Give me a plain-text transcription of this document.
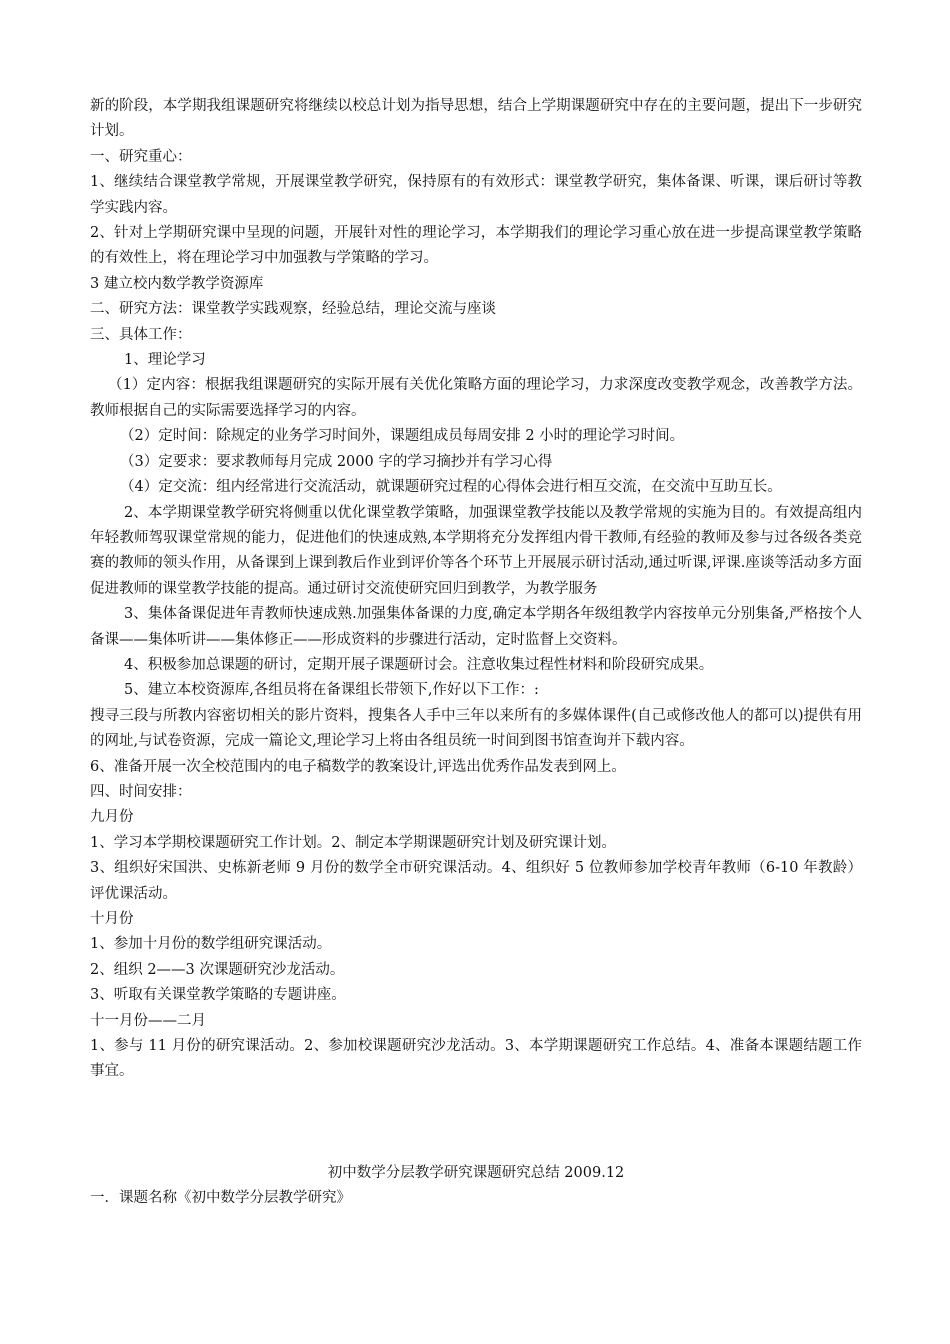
新的阶段，本学期我组课题研究将继续以校总计划为指导思想，结合上学期课题研究中存在的主要问题，提出下一步研究计划。

一、研究重心：

1、继续结合课堂教学常规，开展课堂教学研究，保持原有的有效形式：课堂教学研究，集体备课、听课，课后研讨等教学实践内容。

2、针对上学期研究课中呈现的问题，开展针对性的理论学习，本学期我们的理论学习重心放在进一步提高课堂教学策略的有效性上，将在理论学习中加强教与学策略的学习。

3 建立校内数学教学资源库

二、研究方法：课堂教学实践观察，经验总结，理论交流与座谈

三、具体工作：

1、理论学习

（1）定内容：根据我组课题研究的实际开展有关优化策略方面的理论学习，力求深度改变教学观念，改善教学方法。教师根据自己的实际需要选择学习的内容。

（2）定时间：除规定的业务学习时间外，课题组成员每周安排 2 小时的理论学习时间。

（3）定要求：要求教师每月完成 2000 字的学习摘抄并有学习心得

（4）定交流：组内经常进行交流活动，就课题研究过程的心得体会进行相互交流，在交流中互助互长。

2、本学期课堂教学研究将侧重以优化课堂教学策略，加强课堂教学技能以及教学常规的实施为目的。有效提高组内年轻教师驾驭课堂常规的能力，促进他们的快速成熟,本学期将充分发挥组内骨干教师,有经验的教师及参与过各级各类竞赛的教师的领头作用，从备课到上课到教后作业到评价等各个环节上开展展示研讨活动,通过听课,评课.座谈等活动多方面促进教师的课堂教学技能的提高。通过研讨交流使研究回归到教学，为教学服务

3、集体备课促进年青教师快速成熟.加强集体备课的力度,确定本学期各年级组教学内容按单元分别集备,严格按个人备课——集体听讲——集体修正——形成资料的步骤进行活动，定时监督上交资料。

4、积极参加总课题的研讨，定期开展子课题研讨会。注意收集过程性材料和阶段研究成果。

5、建立本校资源库,各组员将在备课组长带领下,作好以下工作：:

搜寻三段与所教内容密切相关的影片资料，搜集各人手中三年以来所有的多媒体课件(自己或修改他人的都可以)提供有用的网址,与试卷资源，完成一篇论文,理论学习上将由各组员统一时间到图书馆查询并下载内容。

6、准备开展一次全校范围内的电子稿数学的教案设计,评选出优秀作品发表到网上。

四、时间安排：

九月份

1、学习本学期校课题研究工作计划。2、制定本学期课题研究计划及研究课计划。

3、组织好宋国洪、史栋新老师 9 月份的数学全市研究课活动。4、组织好 5 位教师参加学校青年教师（6-10 年教龄）评优课活动。

十月份

1、参加十月份的数学组研究课活动。

2、组织 2——3 次课题研究沙龙活动。

3、听取有关课堂教学策略的专题讲座。

十一月份——二月

1、参与 11 月份的研究课活动。2、参加校课题研究沙龙活动。3、本学期课题研究工作总结。4、准备本课题结题工作事宜。

初中数学分层教学研究课题研究总结 2009.12

一．课题名称《初中数学分层教学研究》
